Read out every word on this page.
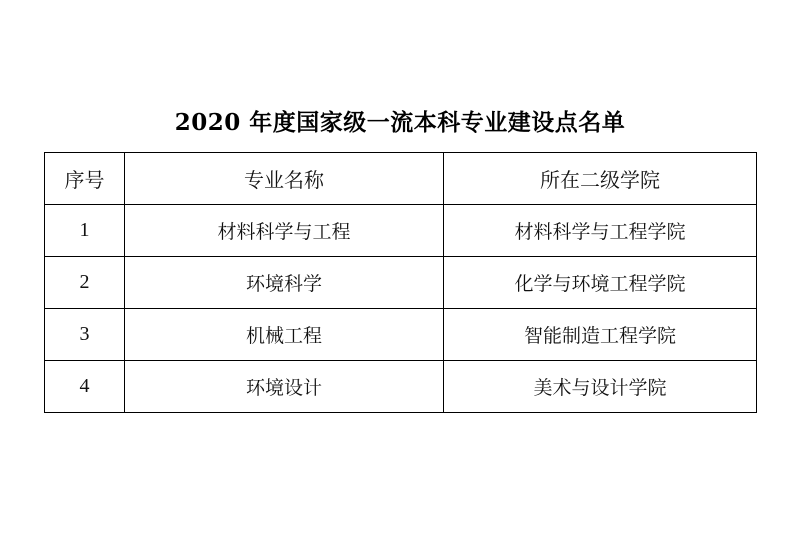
2020 年度国家级一流本科专业建设点名单
序号	专业名称	所在二级学院
1	材料科学与工程	材料科学与工程学院
2	环境科学	化学与环境工程学院
3	机械工程	智能制造工程学院
4	环境设计	美术与设计学院
